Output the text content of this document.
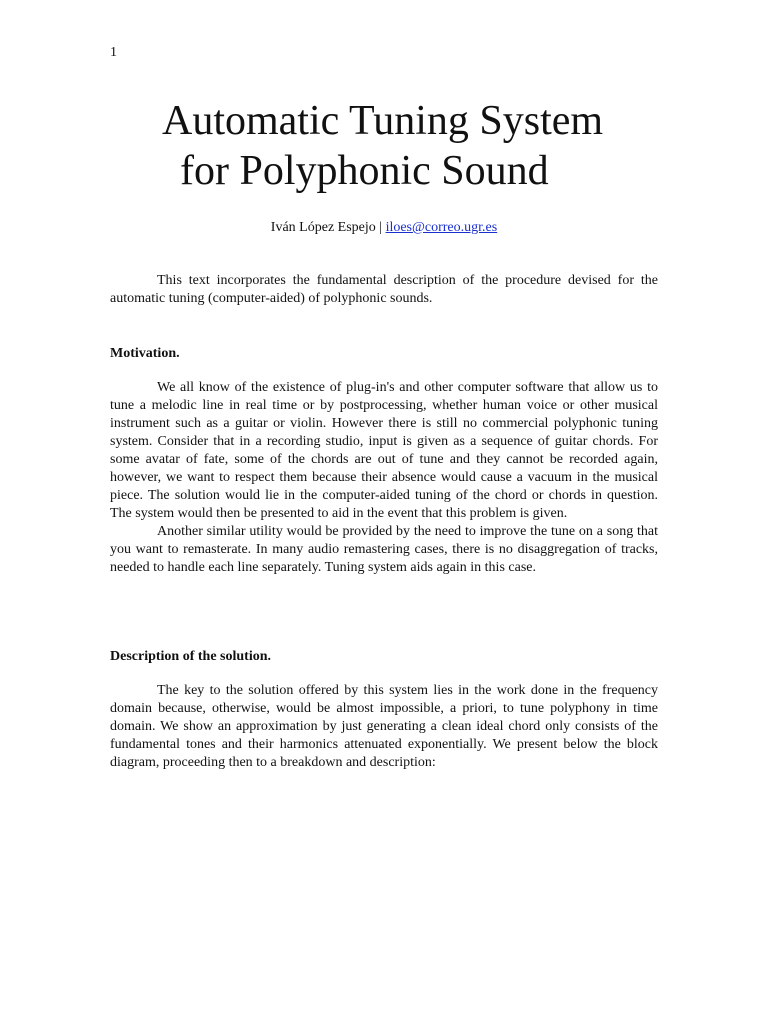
1
Automatic Tuning System
for Polyphonic Sound
Iván López Espejo | iloes@correo.ugr.es

This text incorporates the fundamental description of the procedure devised for the automatic tuning (computer-aided) of polyphonic sounds.

Motivation.

We all know of the existence of plug-in's and other computer software that allow us to tune a melodic line in real time or by postprocessing, whether human voice or other musical instrument such as a guitar or violin. However there is still no commercial polyphonic tuning system. Consider that in a recording studio, input is given as a sequence of guitar chords. For some avatar of fate, some of the chords are out of tune and they cannot be recorded again, however, we want to respect them because their absence would cause a vacuum in the musical piece. The solution would lie in the computer-aided tuning of the chord or chords in question. The system would then be presented to aid in the event that this problem is given.

Another similar utility would be provided by the need to improve the tune on a song that you want to remasterate. In many audio remastering cases, there is no disaggregation of tracks, needed to handle each line separately. Tuning system aids again in this case.

Description of the solution.

The key to the solution offered by this system lies in the work done in the frequency domain because, otherwise, would be almost impossible, a priori, to tune polyphony in time domain. We show an approximation by just generating a clean ideal chord only consists of the fundamental tones and their harmonics attenuated exponentially. We present below the block diagram, proceeding then to a breakdown and description:
